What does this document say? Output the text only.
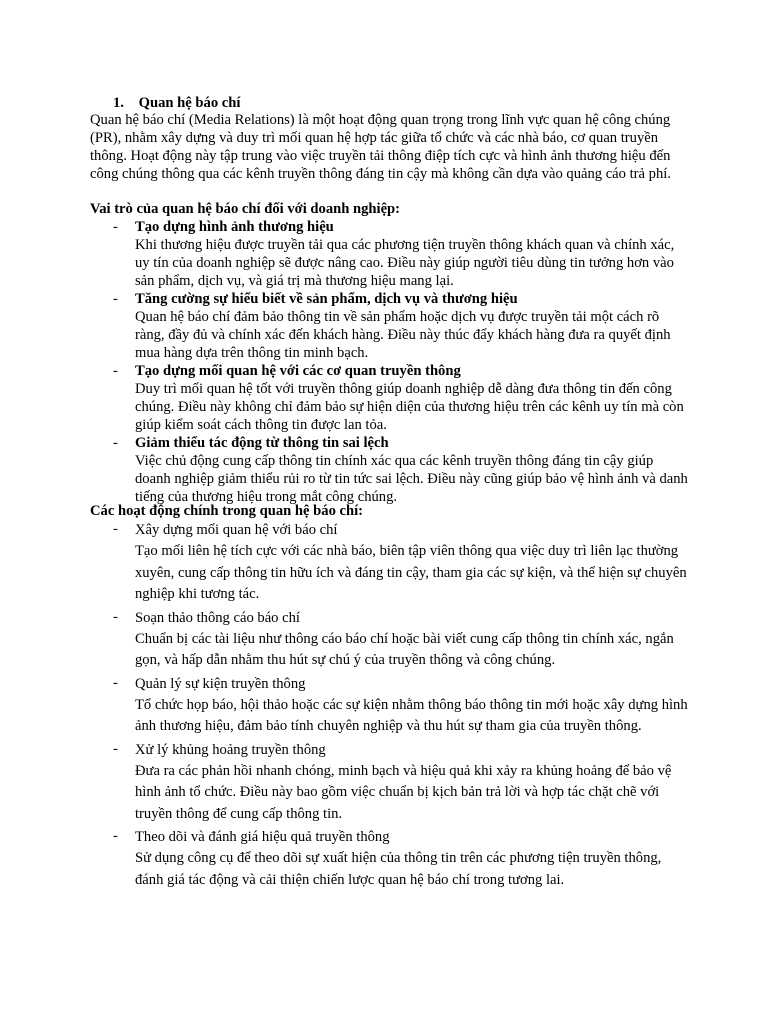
1. Quan hệ báo chí

Quan hệ báo chí (Media Relations) là một hoạt động quan trọng trong lĩnh vực quan hệ công chúng (PR), nhằm xây dựng và duy trì mối quan hệ hợp tác giữa tổ chức và các nhà báo, cơ quan truyền thông. Hoạt động này tập trung vào việc truyền tải thông điệp tích cực và hình ảnh thương hiệu đến công chúng thông qua các kênh truyền thông đáng tin cậy mà không cần dựa vào quảng cáo trả phí.

Vai trò của quan hệ báo chí đối với doanh nghiệp:

- Tạo dựng hình ảnh thương hiệu

Khi thương hiệu được truyền tải qua các phương tiện truyền thông khách quan và chính xác, uy tín của doanh nghiệp sẽ được nâng cao. Điều này giúp người tiêu dùng tin tưởng hơn vào sản phẩm, dịch vụ, và giá trị mà thương hiệu mang lại.

- Tăng cường sự hiểu biết về sản phẩm, dịch vụ và thương hiệu

Quan hệ báo chí đảm bảo thông tin về sản phẩm hoặc dịch vụ được truyền tải một cách rõ ràng, đầy đủ và chính xác đến khách hàng. Điều này thúc đẩy khách hàng đưa ra quyết định mua hàng dựa trên thông tin minh bạch.

- Tạo dựng mối quan hệ với các cơ quan truyền thông

Duy trì mối quan hệ tốt với truyền thông giúp doanh nghiệp dễ dàng đưa thông tin đến công chúng. Điều này không chỉ đảm bảo sự hiện diện của thương hiệu trên các kênh uy tín mà còn giúp kiểm soát cách thông tin được lan tỏa.

- Giảm thiểu tác động từ thông tin sai lệch

Việc chủ động cung cấp thông tin chính xác qua các kênh truyền thông đáng tin cậy giúp doanh nghiệp giảm thiểu rủi ro từ tin tức sai lệch. Điều này cũng giúp bảo vệ hình ảnh và danh tiếng của thương hiệu trong mắt công chúng.

Các hoạt động chính trong quan hệ báo chí:

- Xây dựng mối quan hệ với báo chí

Tạo mối liên hệ tích cực với các nhà báo, biên tập viên thông qua việc duy trì liên lạc thường xuyên, cung cấp thông tin hữu ích và đáng tin cậy, tham gia các sự kiện, và thể hiện sự chuyên nghiệp khi tương tác.

- Soạn thảo thông cáo báo chí

Chuẩn bị các tài liệu như thông cáo báo chí hoặc bài viết cung cấp thông tin chính xác, ngắn gọn, và hấp dẫn nhằm thu hút sự chú ý của truyền thông và công chúng.

- Quản lý sự kiện truyền thông

Tổ chức họp báo, hội thảo hoặc các sự kiện nhằm thông báo thông tin mới hoặc xây dựng hình ảnh thương hiệu, đảm bảo tính chuyên nghiệp và thu hút sự tham gia của truyền thông.

- Xử lý khủng hoảng truyền thông

Đưa ra các phản hồi nhanh chóng, minh bạch và hiệu quả khi xảy ra khủng hoảng để bảo vệ hình ảnh tổ chức. Điều này bao gồm việc chuẩn bị kịch bản trả lời và hợp tác chặt chẽ với truyền thông để cung cấp thông tin.

- Theo dõi và đánh giá hiệu quả truyền thông

Sử dụng công cụ để theo dõi sự xuất hiện của thông tin trên các phương tiện truyền thông, đánh giá tác động và cải thiện chiến lược quan hệ báo chí trong tương lai.
